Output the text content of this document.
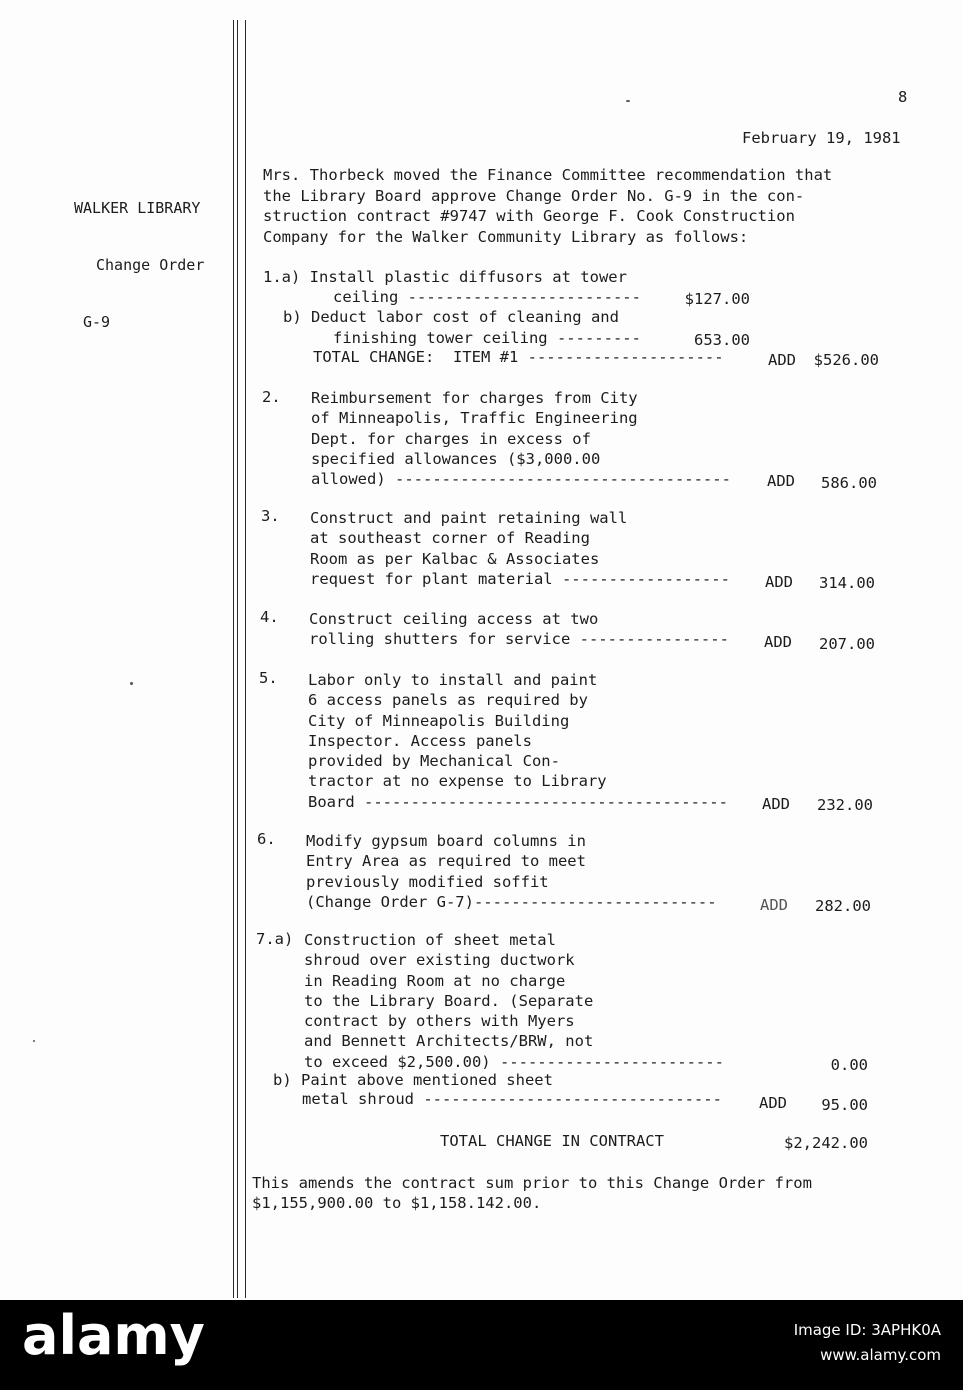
8
February 19, 1981

WALKER LIBRARY

Change Order

G-9

Mrs. Thorbeck moved the Finance Committee recommendation that
the Library Board approve Change Order No. G-9 in the con-
struction contract #9747 with George F. Cook Construction
Company for the Walker Community Library as follows:
1.a) Install plastic diffusors at tower
ceiling -------------------------	$127.00
b) Deduct labor cost of cleaning and
finishing tower ceiling ---------	653.00
TOTAL CHANGE:  ITEM #1 ---------------------	ADD $526.00
2. Reimbursement for charges from City
of Minneapolis, Traffic Engineering
Dept. for charges in excess of
specified allowances ($3,000.00
allowed) ------------------------------------ ADD 586.00
3. Construct and paint retaining wall
at southeast corner of Reading
Room as per Kalbac & Associates
request for plant material ------------------ ADD 314.00
4. Construct ceiling access at two
rolling shutters for service ---------------- ADD 207.00
5. Labor only to install and paint
6 access panels as required by
City of Minneapolis Building
Inspector. Access panels
provided by Mechanical Con-
tractor at no expense to Library
Board --------------------------------------- ADD 232.00
6. Modify gypsum board columns in
Entry Area as required to meet
previously modified soffit
(Change Order G-7)--------------------------	ADD 282.00
7.a) Construction of sheet metal
shroud over existing ductwork
in Reading Room at no charge
to the Library Board. (Separate
contract by others with Myers
and Bennett Architects/BRW, not
to exceed $2,500.00) ------------------------	0.00
b) Paint above mentioned sheet
metal shroud -------------------------------- ADD 95.00
TOTAL CHANGE IN CONTRACT	$2,242.00
This amends the contract sum prior to this Change Order from
$1,155,900.00 to $1,158.142.00.
alamy	Image ID: 3APHK0A
www.alamy.com
